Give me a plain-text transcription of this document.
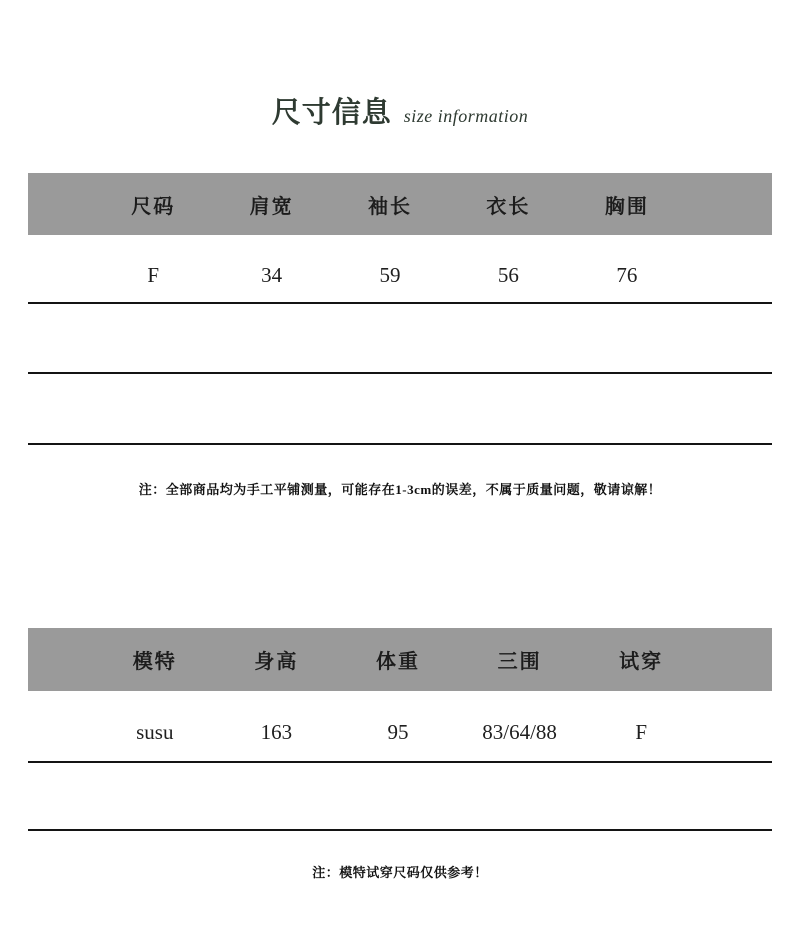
尺寸信息 size information
尺码	肩宽	袖长	衣长	胸围
F	34	59	56	76
注：全部商品均为手工平铺测量，可能存在1-3cm的误差，不属于质量问题，敬请谅解！
模特	身高	体重	三围	试穿
susu	163	95	83/64/88	F
注：模特试穿尺码仅供参考！
